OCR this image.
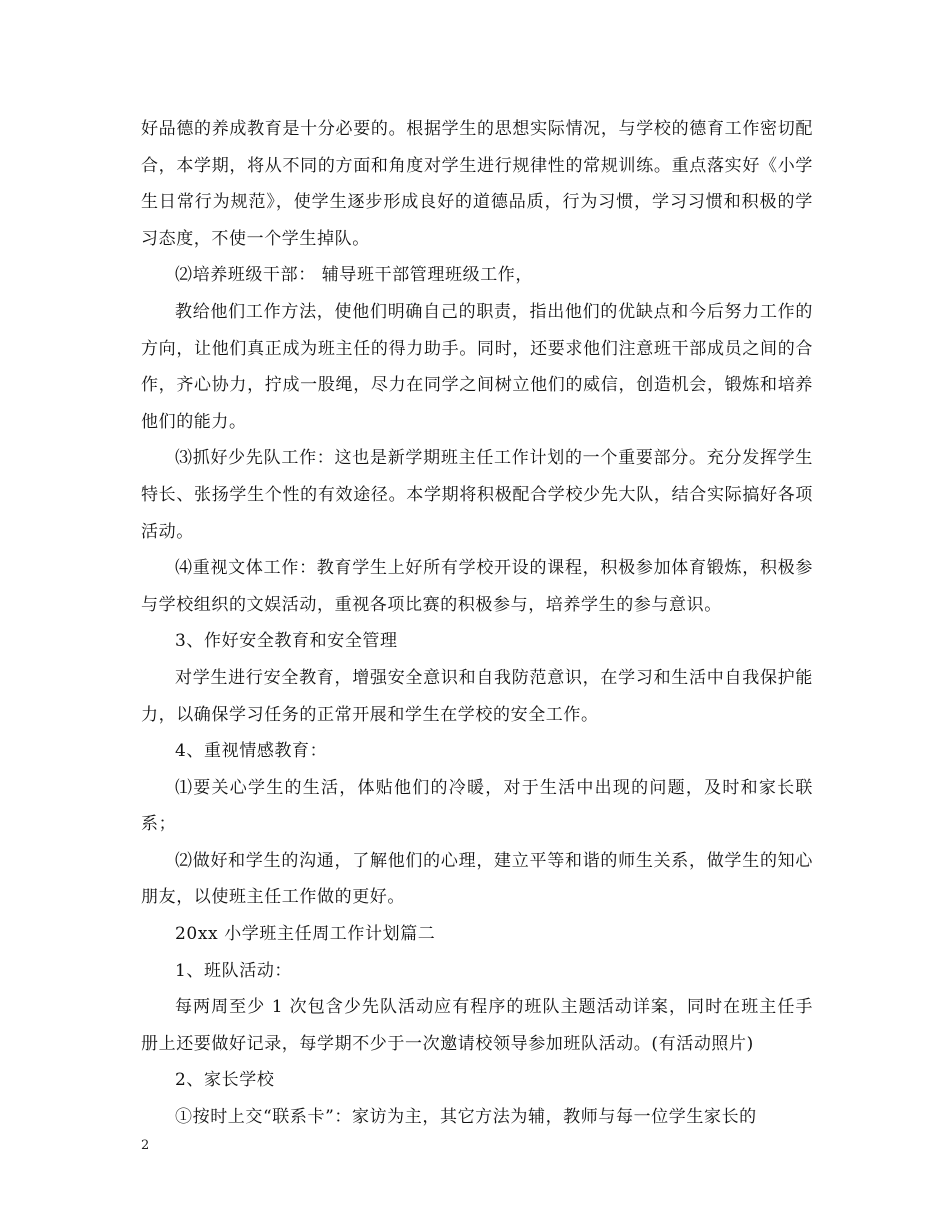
好品德的养成教育是十分必要的。根据学生的思想实际情况，与学校的德育工作密切配合，本学期，将从不同的方面和角度对学生进行规律性的常规训练。重点落实好《小学生日常行为规范》，使学生逐步形成良好的道德品质，行为习惯，学习习惯和积极的学习态度，不使一个学生掉队。

⑵培养班级干部： 辅导班干部管理班级工作，

教给他们工作方法，使他们明确自己的职责，指出他们的优缺点和今后努力工作的方向，让他们真正成为班主任的得力助手。同时，还要求他们注意班干部成员之间的合作，齐心协力，拧成一股绳，尽力在同学之间树立他们的威信，创造机会，锻炼和培养他们的能力。

⑶抓好少先队工作：这也是新学期班主任工作计划的一个重要部分。充分发挥学生特长、张扬学生个性的有效途径。本学期将积极配合学校少先大队，结合实际搞好各项活动。

⑷重视文体工作：教育学生上好所有学校开设的课程，积极参加体育锻炼，积极参与学校组织的文娱活动，重视各项比赛的积极参与，培养学生的参与意识。

3、作好安全教育和安全管理

对学生进行安全教育，增强安全意识和自我防范意识，在学习和生活中自我保护能力，以确保学习任务的正常开展和学生在学校的安全工作。

4、重视情感教育：

⑴要关心学生的生活，体贴他们的冷暖，对于生活中出现的问题，及时和家长联系；

⑵做好和学生的沟通，了解他们的心理，建立平等和谐的师生关系，做学生的知心朋友，以使班主任工作做的更好。

20xx 小学班主任周工作计划篇二

1、班队活动：

每两周至少 1 次包含少先队活动应有程序的班队主题活动详案，同时在班主任手册上还要做好记录，每学期不少于一次邀请校领导参加班队活动。(有活动照片)

2、家长学校

①按时上交“联系卡”：家访为主，其它方法为辅，教师与每一位学生家长的

2
